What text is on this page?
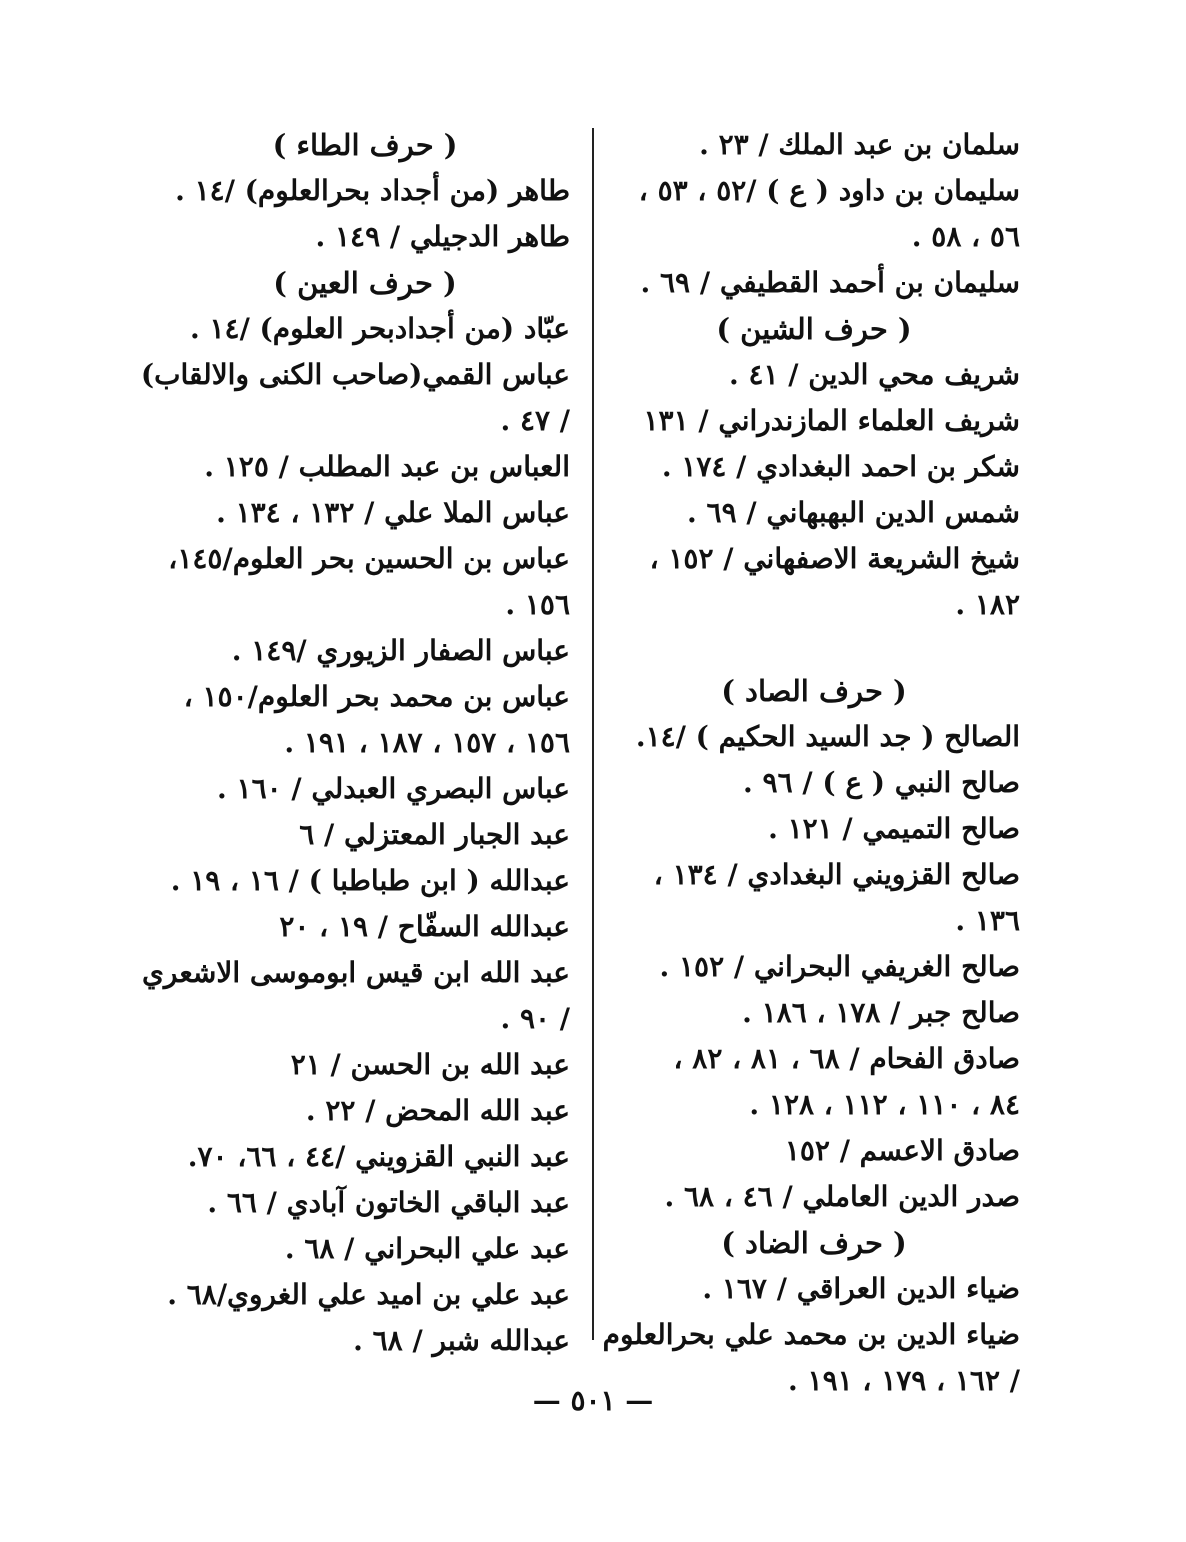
سلمان بن عبد الملك / ٢٣ .
سليمان بن داود ( ع ) /٥٢ ، ٥٣ ،
٥٦ ، ٥٨ .
سليمان بن أحمد القطيفي / ٦٩ .
( حرف الشين )
شريف محي الدين / ٤١ .
شريف العلماء المازندراني / ١٣١
شكر بن احمد البغدادي / ١٧٤ .
شمس الدين البهبهاني / ٦٩ .
شيخ الشريعة الاصفهاني / ١٥٢ ،
١٨٢ .
( حرف الصاد )
الصالح ( جد السيد الحكيم ) /١٤.
صالح النبي ( ع ) / ٩٦ .
صالح التميمي / ١٢١ .
صالح القزويني البغدادي / ١٣٤ ،
١٣٦ .
صالح الغريفي البحراني / ١٥٢ .
صالح جبر / ١٧٨ ، ١٨٦ .
صادق الفحام / ٦٨ ، ٨١ ، ٨٢ ،
٨٤ ، ١١٠ ، ١١٢ ، ١٢٨ .
صادق الاعسم / ١٥٢
صدر الدين العاملي / ٤٦ ، ٦٨ .
( حرف الضاد )
ضياء الدين العراقي / ١٦٧ .
ضياء الدين بن محمد علي بحرالعلوم
/ ١٦٢ ، ١٧٩ ، ١٩١ .
( حرف الطاء )
طاهر (من أجداد بحرالعلوم) /١٤ .
طاهر الدجيلي / ١٤٩ .
( حرف العين )
عبّاد (من أجدادبحر العلوم) /١٤ .
عباس القمي(صاحب الكنى والالقاب)
/ ٤٧ .
العباس بن عبد المطلب / ١٢٥ .
عباس الملا علي / ١٣٢ ، ١٣٤ .
عباس بن الحسين بحر العلوم/١٤٥،
١٥٦ .
عباس الصفار الزيوري /١٤٩ .
عباس بن محمد بحر العلوم/١٥٠ ،
١٥٦ ، ١٥٧ ، ١٨٧ ، ١٩١ .
عباس البصري العبدلي / ١٦٠ .
عبد الجبار المعتزلي / ٦
عبدالله ( ابن طباطبا ) / ١٦ ، ١٩ .
عبدالله السفّاح / ١٩ ، ٢٠
عبد الله ابن قيس ابوموسى الاشعري
/ ٩٠ .
عبد الله بن الحسن / ٢١
عبد الله المحض / ٢٢ .
عبد النبي القزويني /٤٤ ، ٦٦، ٧٠.
عبد الباقي الخاتون آبادي / ٦٦ .
عبد علي البحراني / ٦٨ .
عبد علي بن اميد علي الغروي/٦٨ .
عبدالله شبر / ٦٨ .
— ٥٠١ —
